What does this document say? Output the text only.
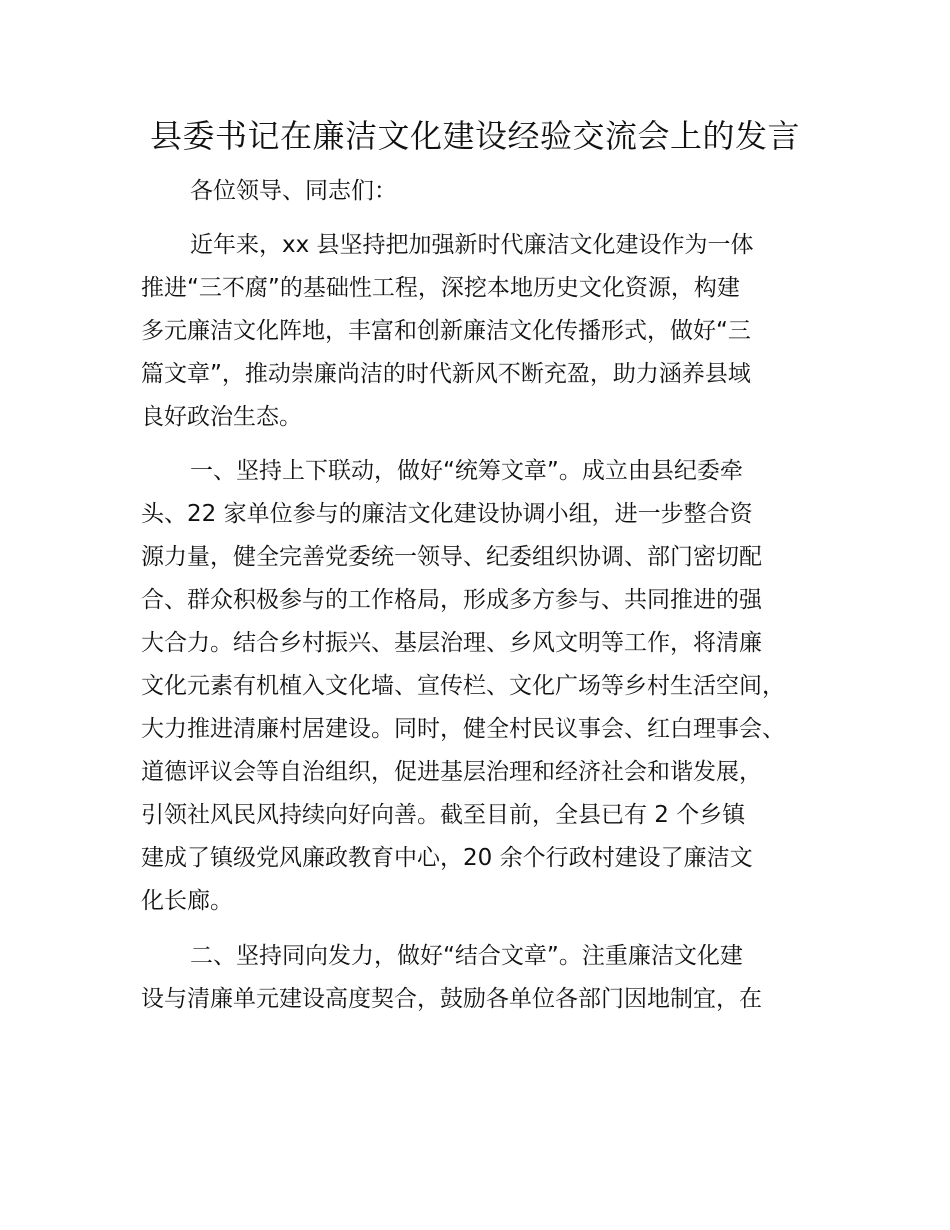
县委书记在廉洁文化建设经验交流会上的发言

各位领导、同志们：

近年来，xx 县坚持把加强新时代廉洁文化建设作为一体

推进“三不腐”的基础性工程，深挖本地历史文化资源，构建

多元廉洁文化阵地，丰富和创新廉洁文化传播形式，做好“三

篇文章”，推动崇廉尚洁的时代新风不断充盈，助力涵养县域

良好政治生态。

一、坚持上下联动，做好“统筹文章”。成立由县纪委牵

头、22 家单位参与的廉洁文化建设协调小组，进一步整合资

源力量，健全完善党委统一领导、纪委组织协调、部门密切配

合、群众积极参与的工作格局，形成多方参与、共同推进的强

大合力。结合乡村振兴、基层治理、乡风文明等工作，将清廉

文化元素有机植入文化墙、宣传栏、文化广场等乡村生活空间，

大力推进清廉村居建设。同时，健全村民议事会、红白理事会、

道德评议会等自治组织，促进基层治理和经济社会和谐发展，

引领社风民风持续向好向善。截至目前，全县已有 2 个乡镇

建成了镇级党风廉政教育中心，20 余个行政村建设了廉洁文

化长廊。

二、坚持同向发力，做好“结合文章”。注重廉洁文化建

设与清廉单元建设高度契合，鼓励各单位各部门因地制宜，在
